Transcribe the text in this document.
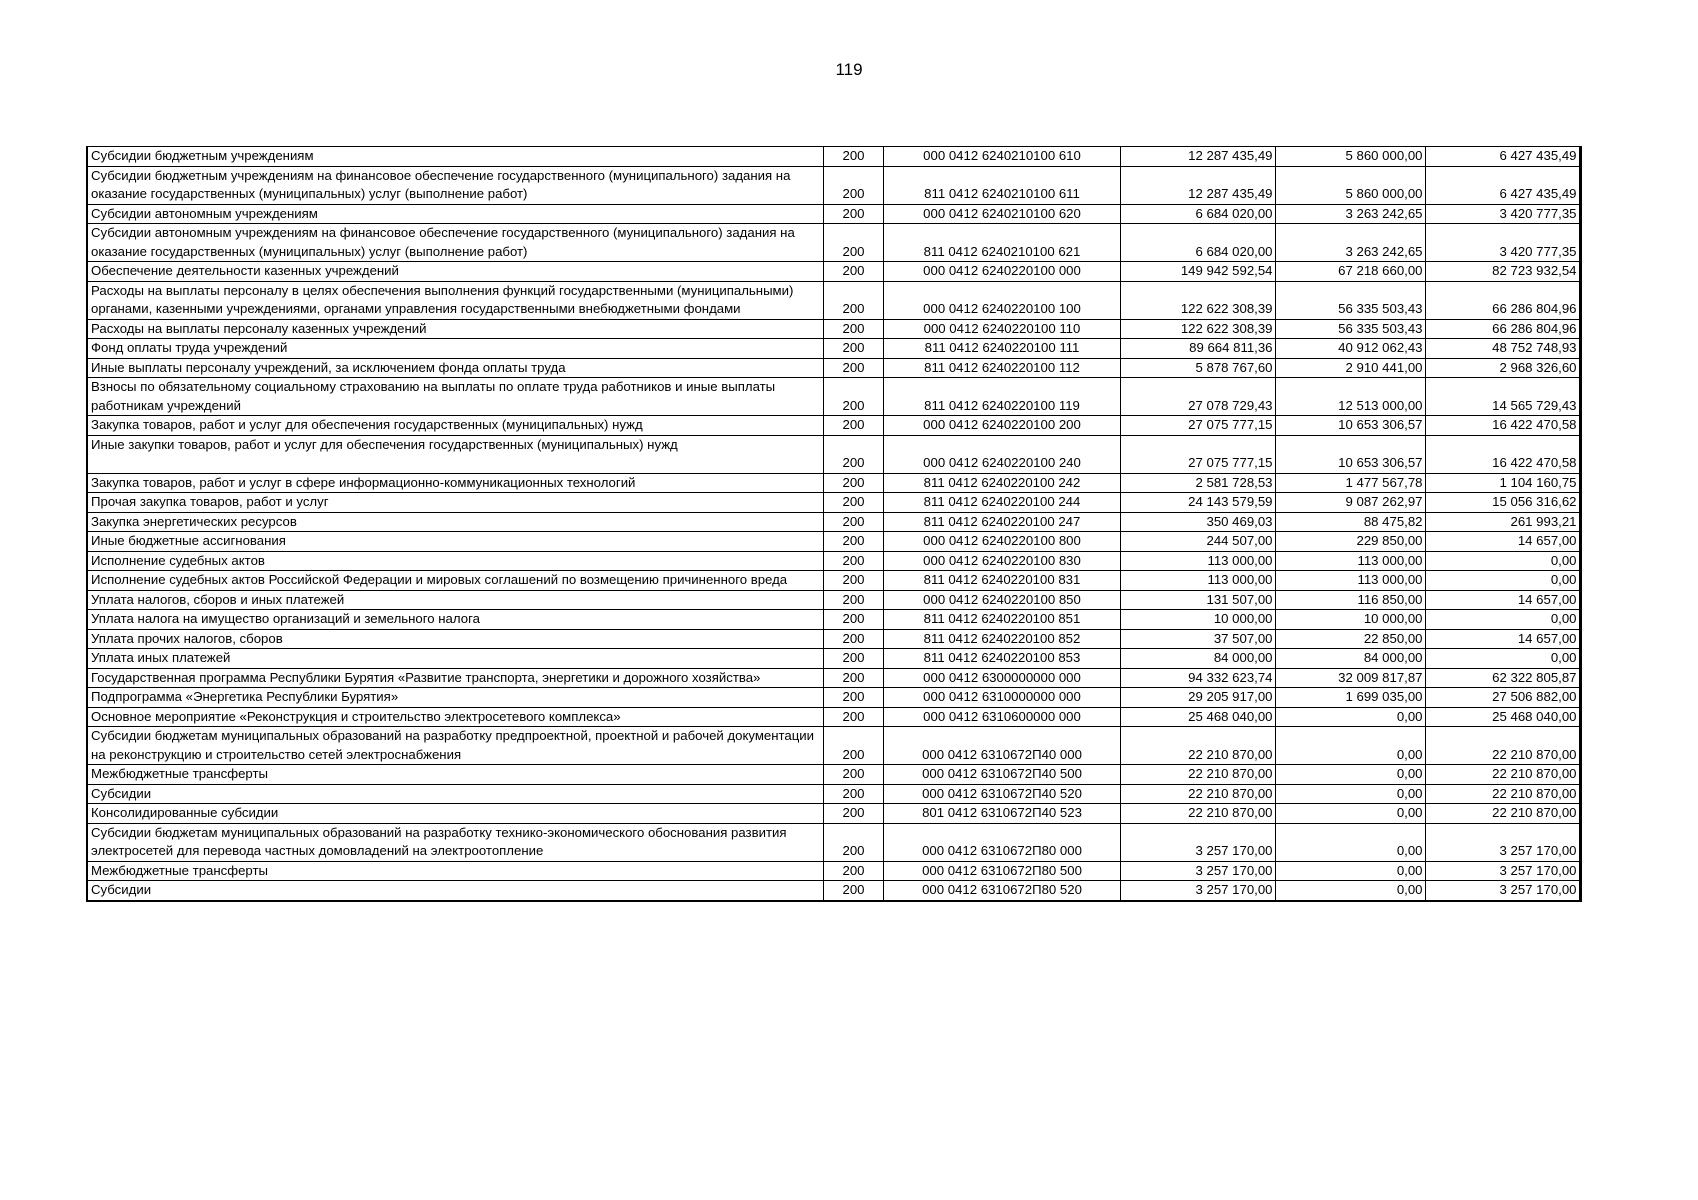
119
Субсидии бюджетным учреждениям	200	000 0412 6240210100 610	12 287 435,49	5 860 000,00	6 427 435,49
Субсидии бюджетным учреждениям на финансовое обеспечение государственного (муниципального) задания на оказание государственных (муниципальных) услуг (выполнение работ)	200	811 0412 6240210100 611	12 287 435,49	5 860 000,00	6 427 435,49
Субсидии автономным учреждениям	200	000 0412 6240210100 620	6 684 020,00	3 263 242,65	3 420 777,35
Субсидии автономным учреждениям на финансовое обеспечение государственного (муниципального) задания на оказание государственных (муниципальных) услуг (выполнение работ)	200	811 0412 6240210100 621	6 684 020,00	3 263 242,65	3 420 777,35
Обеспечение деятельности казенных учреждений	200	000 0412 6240220100 000	149 942 592,54	67 218 660,00	82 723 932,54
Расходы на выплаты персоналу в целях обеспечения выполнения функций государственными (муниципальными) органами, казенными учреждениями, органами управления государственными внебюджетными фондами	200	000 0412 6240220100 100	122 622 308,39	56 335 503,43	66 286 804,96
Расходы на выплаты персоналу казенных учреждений	200	000 0412 6240220100 110	122 622 308,39	56 335 503,43	66 286 804,96
Фонд оплаты труда учреждений	200	811 0412 6240220100 111	89 664 811,36	40 912 062,43	48 752 748,93
Иные выплаты персоналу учреждений, за исключением фонда оплаты труда	200	811 0412 6240220100 112	5 878 767,60	2 910 441,00	2 968 326,60
Взносы по обязательному социальному страхованию на выплаты по оплате труда работников и иные выплаты работникам учреждений	200	811 0412 6240220100 119	27 078 729,43	12 513 000,00	14 565 729,43
Закупка товаров, работ и услуг для обеспечения государственных (муниципальных) нужд	200	000 0412 6240220100 200	27 075 777,15	10 653 306,57	16 422 470,58
Иные закупки товаров, работ и услуг для обеспечения государственных (муниципальных) нужд	200	000 0412 6240220100 240	27 075 777,15	10 653 306,57	16 422 470,58
Закупка товаров, работ и услуг в сфере информационно-коммуникационных технологий	200	811 0412 6240220100 242	2 581 728,53	1 477 567,78	1 104 160,75
Прочая закупка товаров, работ и услуг	200	811 0412 6240220100 244	24 143 579,59	9 087 262,97	15 056 316,62
Закупка энергетических ресурсов	200	811 0412 6240220100 247	350 469,03	88 475,82	261 993,21
Иные бюджетные ассигнования	200	000 0412 6240220100 800	244 507,00	229 850,00	14 657,00
Исполнение судебных актов	200	000 0412 6240220100 830	113 000,00	113 000,00	0,00
Исполнение судебных актов Российской Федерации и мировых соглашений по возмещению причиненного вреда	200	811 0412 6240220100 831	113 000,00	113 000,00	0,00
Уплата налогов, сборов и иных платежей	200	000 0412 6240220100 850	131 507,00	116 850,00	14 657,00
Уплата налога на имущество организаций и земельного налога	200	811 0412 6240220100 851	10 000,00	10 000,00	0,00
Уплата прочих налогов, сборов	200	811 0412 6240220100 852	37 507,00	22 850,00	14 657,00
Уплата иных платежей	200	811 0412 6240220100 853	84 000,00	84 000,00	0,00
Государственная программа Республики Бурятия «Развитие транспорта, энергетики и дорожного хозяйства»	200	000 0412 6300000000 000	94 332 623,74	32 009 817,87	62 322 805,87
Подпрограмма «Энергетика Республики Бурятия»	200	000 0412 6310000000 000	29 205 917,00	1 699 035,00	27 506 882,00
Основное мероприятие «Реконструкция и строительство электросетевого комплекса»	200	000 0412 6310600000 000	25 468 040,00	0,00	25 468 040,00
Субсидии бюджетам муниципальных образований на разработку предпроектной, проектной и рабочей документации на реконструкцию и строительство сетей электроснабжения	200	000 0412 6310672П40 000	22 210 870,00	0,00	22 210 870,00
Межбюджетные трансферты	200	000 0412 6310672П40 500	22 210 870,00	0,00	22 210 870,00
Субсидии	200	000 0412 6310672П40 520	22 210 870,00	0,00	22 210 870,00
Консолидированные субсидии	200	801 0412 6310672П40 523	22 210 870,00	0,00	22 210 870,00
Субсидии бюджетам муниципальных образований на разработку технико-экономического обоснования развития электросетей для перевода частных домовладений на электроотопление	200	000 0412 6310672П80 000	3 257 170,00	0,00	3 257 170,00
Межбюджетные трансферты	200	000 0412 6310672П80 500	3 257 170,00	0,00	3 257 170,00
Субсидии	200	000 0412 6310672П80 520	3 257 170,00	0,00	3 257 170,00
